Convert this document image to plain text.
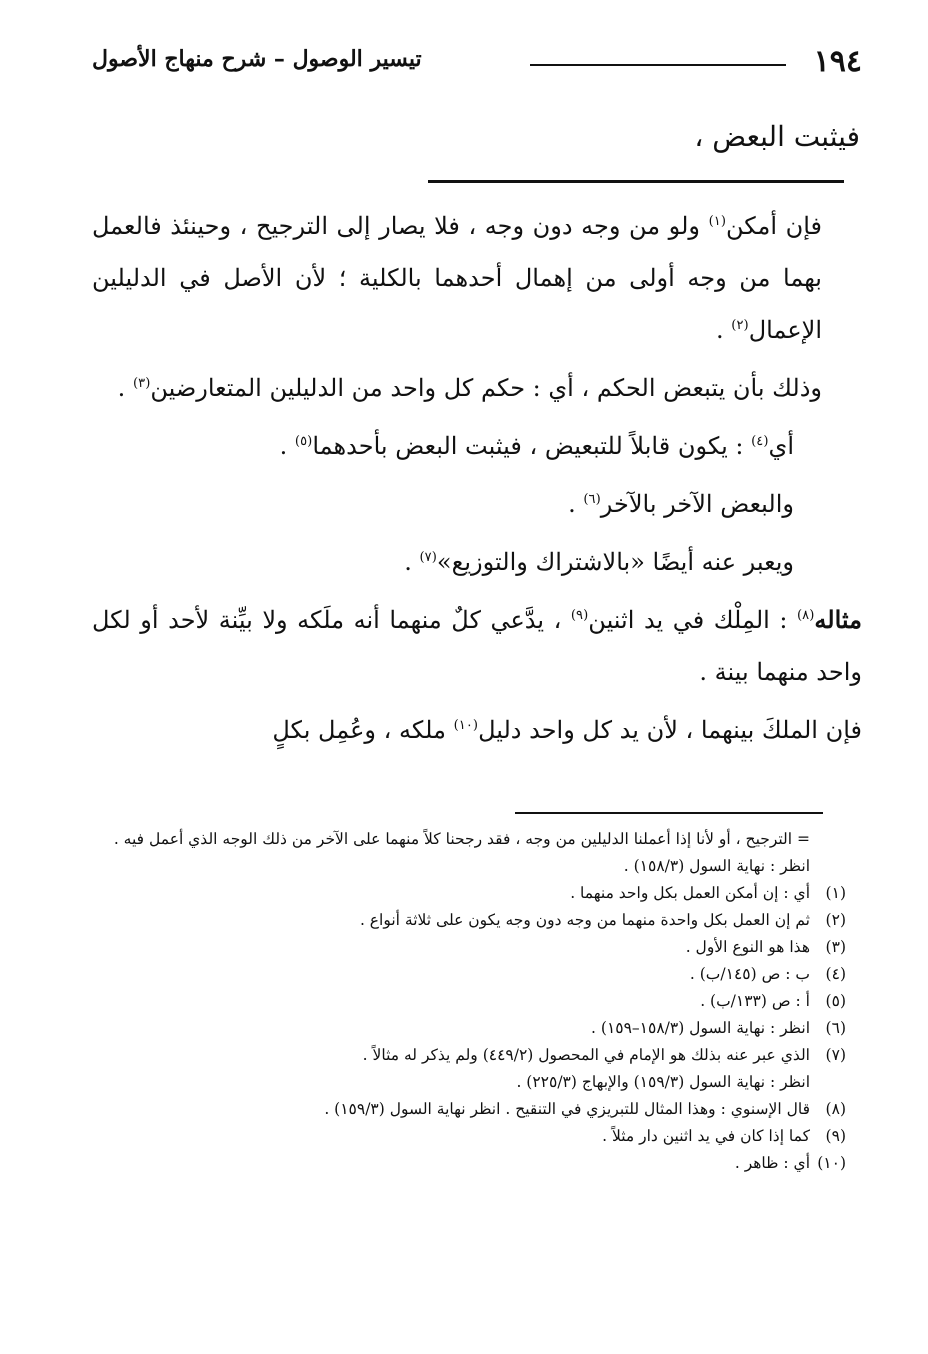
١٩٤
تيسير الوصول – شرح منهاج الأصول
فيثبت البعض ،

فإن أمكن$^{(١)}$ ولو من وجه دون وجه ، فلا يصار إلى الترجيح ، وحينئذ فالعمل بهما من وجه أولى من إهمال أحدهما بالكلية ؛ لأن الأصل في الدليلين الإعمال$^{(٢)}$ .

وذلك بأن يتبعض الحكم ، أي : حكم كل واحد من الدليلين المتعارضين$^{(٣)}$ .

أي$^{(٤)}$ : يكون قابلاً للتبعيض ، فيثبت البعض بأحدهما$^{(٥)}$ .

والبعض الآخر بالآخر$^{(٦)}$ .

ويعبر عنه أيضًا «بالاشتراك والتوزيع»$^{(٧)}$ .

مثاله$^{(٨)}$ : المِلْك في يد اثنين$^{(٩)}$ ، يدَّعي كلٌ منهما أنه ملَكه ولا بيِّنة لأحد أو لكل واحد منهما بينة .

فإن الملكَ بينهما ، لأن يد كل واحد دليل$^{(١٠)}$ ملكه ، وعُمِل بكلٍ

= الترجيح ، أو لأنا إذا أعملنا الدليلين من وجه ، فقد رجحنا كلاً منهما على الآخر من ذلك الوجه الذي أعمل فيه . انظر : نهاية السول (١٥٨/٣) .

(١)
أي : إن أمكن العمل بكل واحد منهما .
(٢)
ثم إن العمل بكل واحدة منهما من وجه دون وجه يكون على ثلاثة أنواع .
(٣)
هذا هو النوع الأول .
(٤)
ب : ص (١٤٥/ب) .
(٥)
أ : ص (١٣٣/ب) .
(٦)
انظر : نهاية السول (١٥٨/٣–١٥٩) .
(٧)
الذي عبر عنه بذلك هو الإمام في المحصول (٤٤٩/٢) ولم يذكر له مثالاً .
انظر : نهاية السول (١٥٩/٣) والإبهاج (٢٢٥/٣) .
(٨)
قال الإسنوي : وهذا المثال للتبريزي في التنقيح . انظر نهاية السول (١٥٩/٣) .
(٩)
كما إذا كان في يد اثنين دار مثلاً .
(١٠)
أي : ظاهر .
